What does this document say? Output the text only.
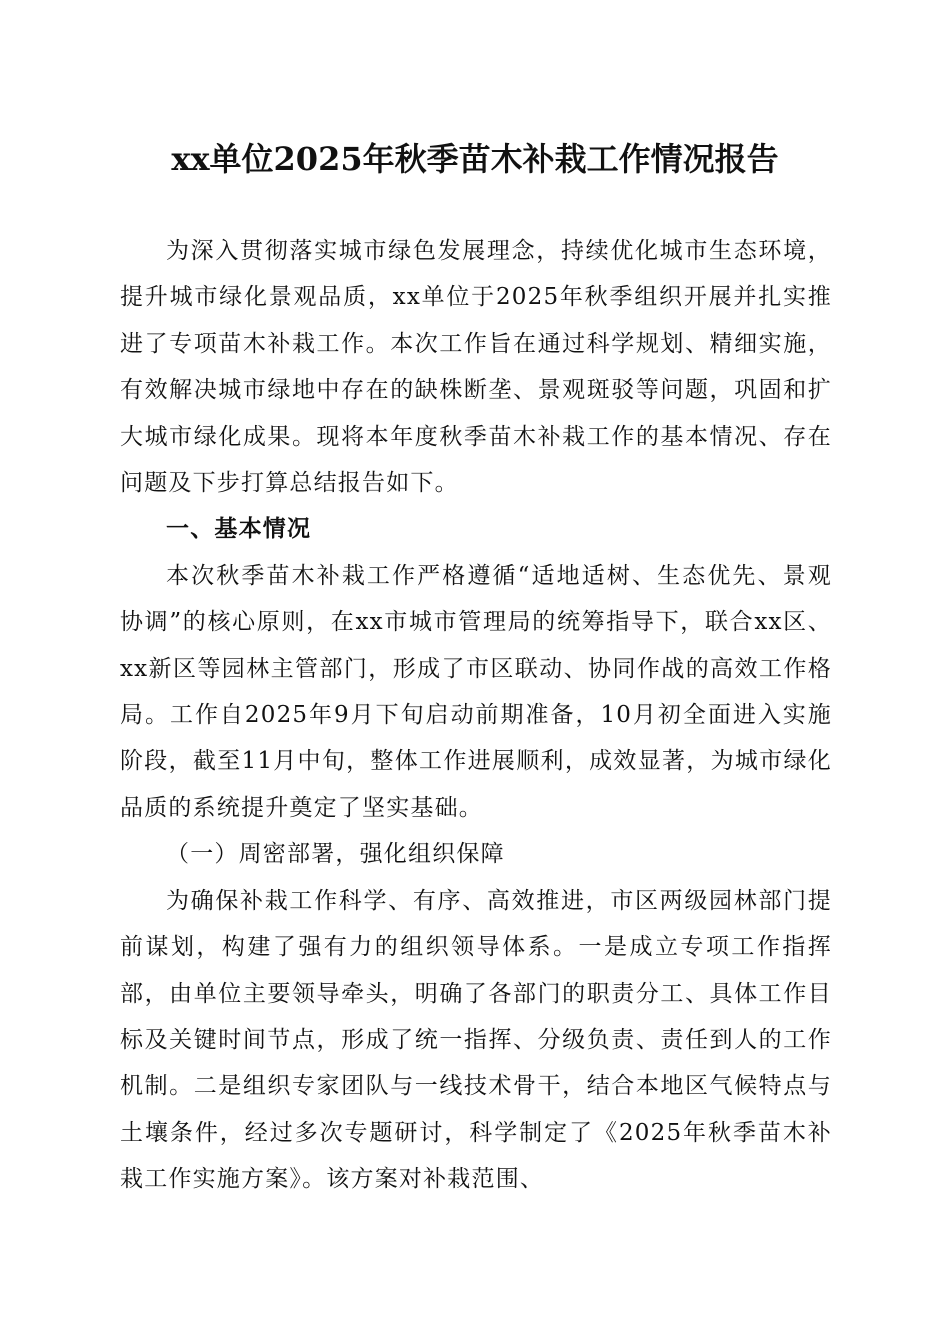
xx单位2025年秋季苗木补栽工作情况报告

为深入贯彻落实城市绿色发展理念，持续优化城市生态环境，提升城市绿化景观品质，xx单位于2025年秋季组织开展并扎实推进了专项苗木补栽工作。本次工作旨在通过科学规划、精细实施，有效解决城市绿地中存在的缺株断垄、景观斑驳等问题，巩固和扩大城市绿化成果。现将本年度秋季苗木补栽工作的基本情况、存在问题及下步打算总结报告如下。

一、基本情况

本次秋季苗木补栽工作严格遵循“适地适树、生态优先、景观协调”的核心原则，在xx市城市管理局的统筹指导下，联合xx区、xx新区等园林主管部门，形成了市区联动、协同作战的高效工作格局。工作自2025年9月下旬启动前期准备，10月初全面进入实施阶段，截至11月中旬，整体工作进展顺利，成效显著，为城市绿化品质的系统提升奠定了坚实基础。

（一）周密部署，强化组织保障

为确保补栽工作科学、有序、高效推进，市区两级园林部门提前谋划，构建了强有力的组织领导体系。一是成立专项工作指挥部，由单位主要领导牵头，明确了各部门的职责分工、具体工作目标及关键时间节点，形成了统一指挥、分级负责、责任到人的工作机制。二是组织专家团队与一线技术骨干，结合本地区气候特点与土壤条件，经过多次专题研讨，科学制定了《2025年秋季苗木补栽工作实施方案》。该方案对补栽范围、
